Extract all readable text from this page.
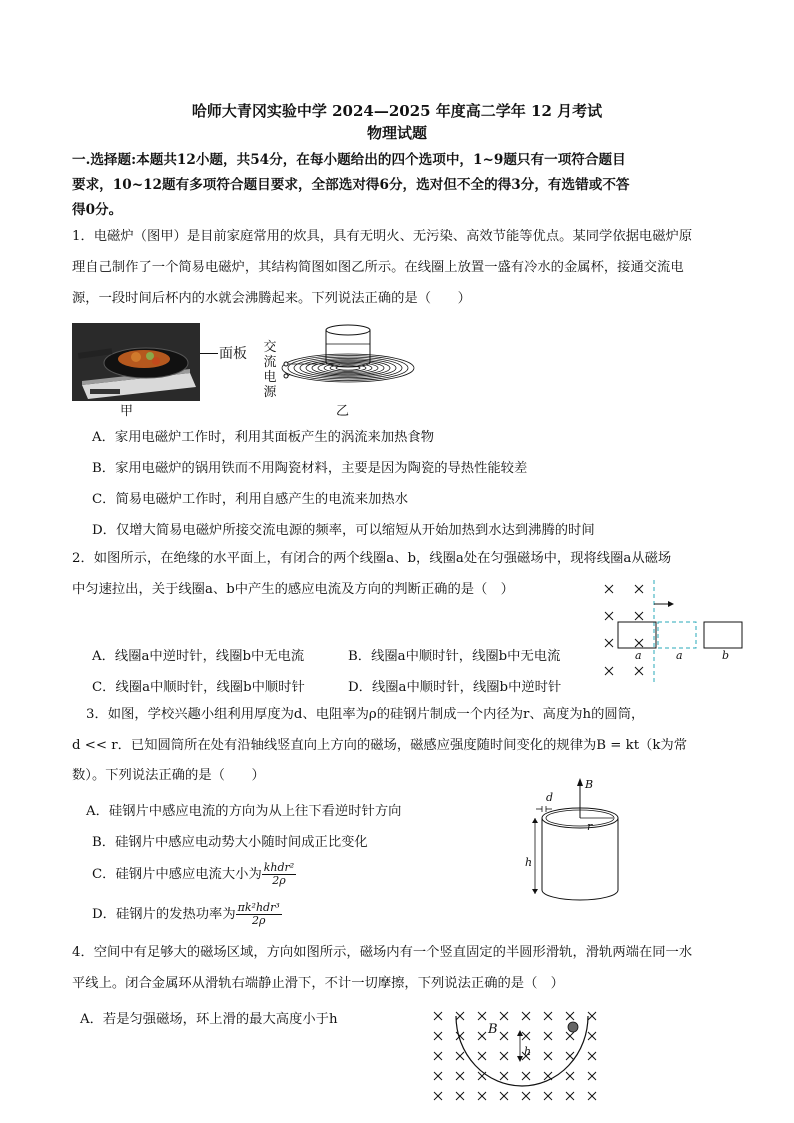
哈师大青冈实验中学 2024—2025 年度高二学年 12 月考试
物理试题
一.选择题:本题共12小题，共54分，在每小题给出的四个选项中，1~9题只有一项符合题目
要求，10~12题有多项符合题目要求，全部选对得6分，选对但不全的得3分，有选错或不答
得0分。
1．电磁炉（图甲）是目前家庭常用的炊具，具有无明火、无污染、高效节能等优点。某同学依据电磁炉原
理自己制作了一个简易电磁炉，其结构简图如图乙所示。在线圈上放置一盛有冷水的金属杯，接通交流电
源，一段时间后杯内的水就会沸腾起来。下列说法正确的是（　　）
面板
甲
交
流
电
源
乙
A．家用电磁炉工作时，利用其面板产生的涡流来加热食物
B．家用电磁炉的锅用铁而不用陶瓷材料，主要是因为陶瓷的导热性能较差
C．简易电磁炉工作时，利用自感产生的电流来加热水
D．仅增大简易电磁炉所接交流电源的频率，可以缩短从开始加热到水达到沸腾的时间
2．如图所示，在绝缘的水平面上，有闭合的两个线圈a、b，线圈a处在匀强磁场中，现将线圈a从磁场
中匀速拉出，关于线圈a、b中产生的感应电流及方向的判断正确的是（　）
a	a	b
A．线圈a中逆时针，线圈b中无电流	B．线圈a中顺时针，线圈b中无电流
C．线圈a中顺时针，线圈b中顺时针	D．线圈a中顺时针，线圈b中逆时针
3．如图，学校兴趣小组利用厚度为d、电阻率为ρ的硅钢片制成一个内径为r、高度为h的圆筒，
d << r．已知圆筒所在处有沿轴线竖直向上方向的磁场，磁感应强度随时间变化的规律为B = kt（k为常
数）。下列说法正确的是（　　）
A．硅钢片中感应电流的方向为从上往下看逆时针方向
B．硅钢片中感应电动势大小随时间成正比变化
C．硅钢片中感应电流大小为 $\frac{\text{khdr²}}{2\rho}$
D．硅钢片的发热功率为 $\frac{\text{πk²hdr³}}{2\rho}$
B
d
r
h
4．空间中有足够大的磁场区域，方向如图所示，磁场内有一个竖直固定的半圆形滑轨，滑轨两端在同一水
平线上。闭合金属环从滑轨右端静止滑下，不计一切摩擦，下列说法正确的是（　）
A．若是匀强磁场，环上滑的最大高度小于h
B
h
